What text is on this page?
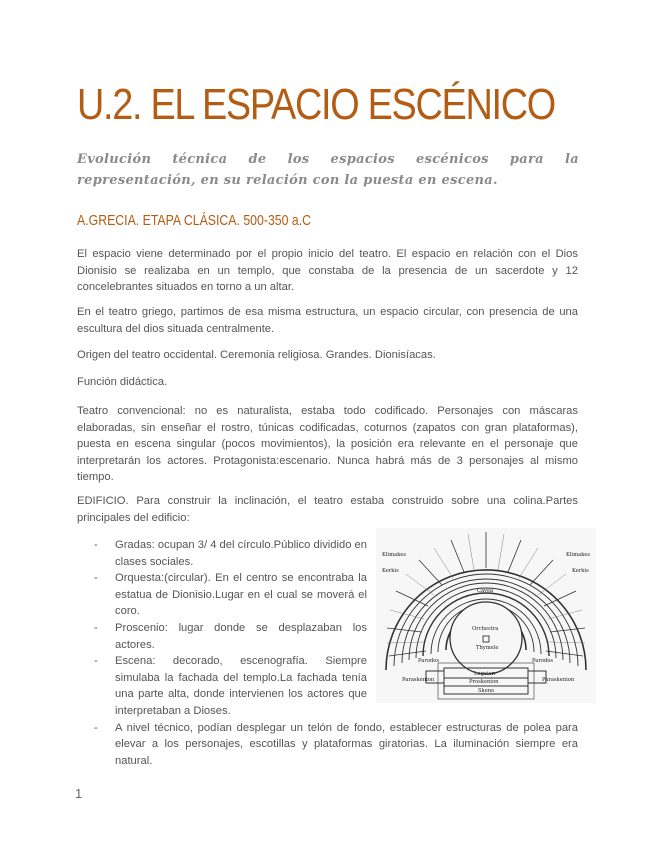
U.2. EL ESPACIO ESCÉNICO

Evolución técnica de los espacios escénicos para la representación, en su relación con la puesta en escena.

A.GRECIA. ETAPA CLÁSICA. 500-350 a.C

El espacio viene determinado por el propio inicio del teatro. El espacio en relación con el Dios Dionisio se realizaba en un templo, que constaba de la presencia de un sacerdote y 12 concelebrantes situados en torno a un altar.

En el teatro griego, partimos de esa misma estructura, un espacio circular, con presencia de una escultura del dios situada centralmente.

Origen del teatro occidental. Ceremonia religiosa. Grandes. Dionisíacas.

Función didáctica.

Teatro convencional: no es naturalista, estaba todo codificado. Personajes con máscaras elaboradas, sin enseñar el rostro, túnicas codificadas, coturnos (zapatos con gran plataformas), puesta en escena singular (pocos movimientos), la posición era relevante en el personaje que interpretarán los actores. Protagonista:escenario. Nunca habrá más de 3 personajes al mismo tiempo.

EDIFICIO. Para construir la inclinación, el teatro estaba construido sobre una colina.Partes principales del edificio:

- Gradas: ocupan 3/ 4 del círculo.Público dividido en clases sociales.
- Orquesta:(circular). En el centro se encontraba la estatua de Dionisio.Lugar en el cual se moverá el coro.
- Proscenio: lugar donde se desplazaban los actores.
- Escena: decorado, escenografía. Siempre simulaba la fachada del templo.La fachada tenía una parte alta, donde intervienen los actores que interpretaban a Dioses.
- A nivel técnico, podían desplegar un telón de fondo, establecer estructuras de polea para elevar a los personajes, escotillas y plataformas giratorias. La iluminación siempre era natural.
Klimakes	Klimakes
Kerkis	Kerkis
Cavea
Orchestra
Thymele
Parodos	Parodos
Paraskenion	Paraskenion
Logeion
Proskenion
Skene
1
